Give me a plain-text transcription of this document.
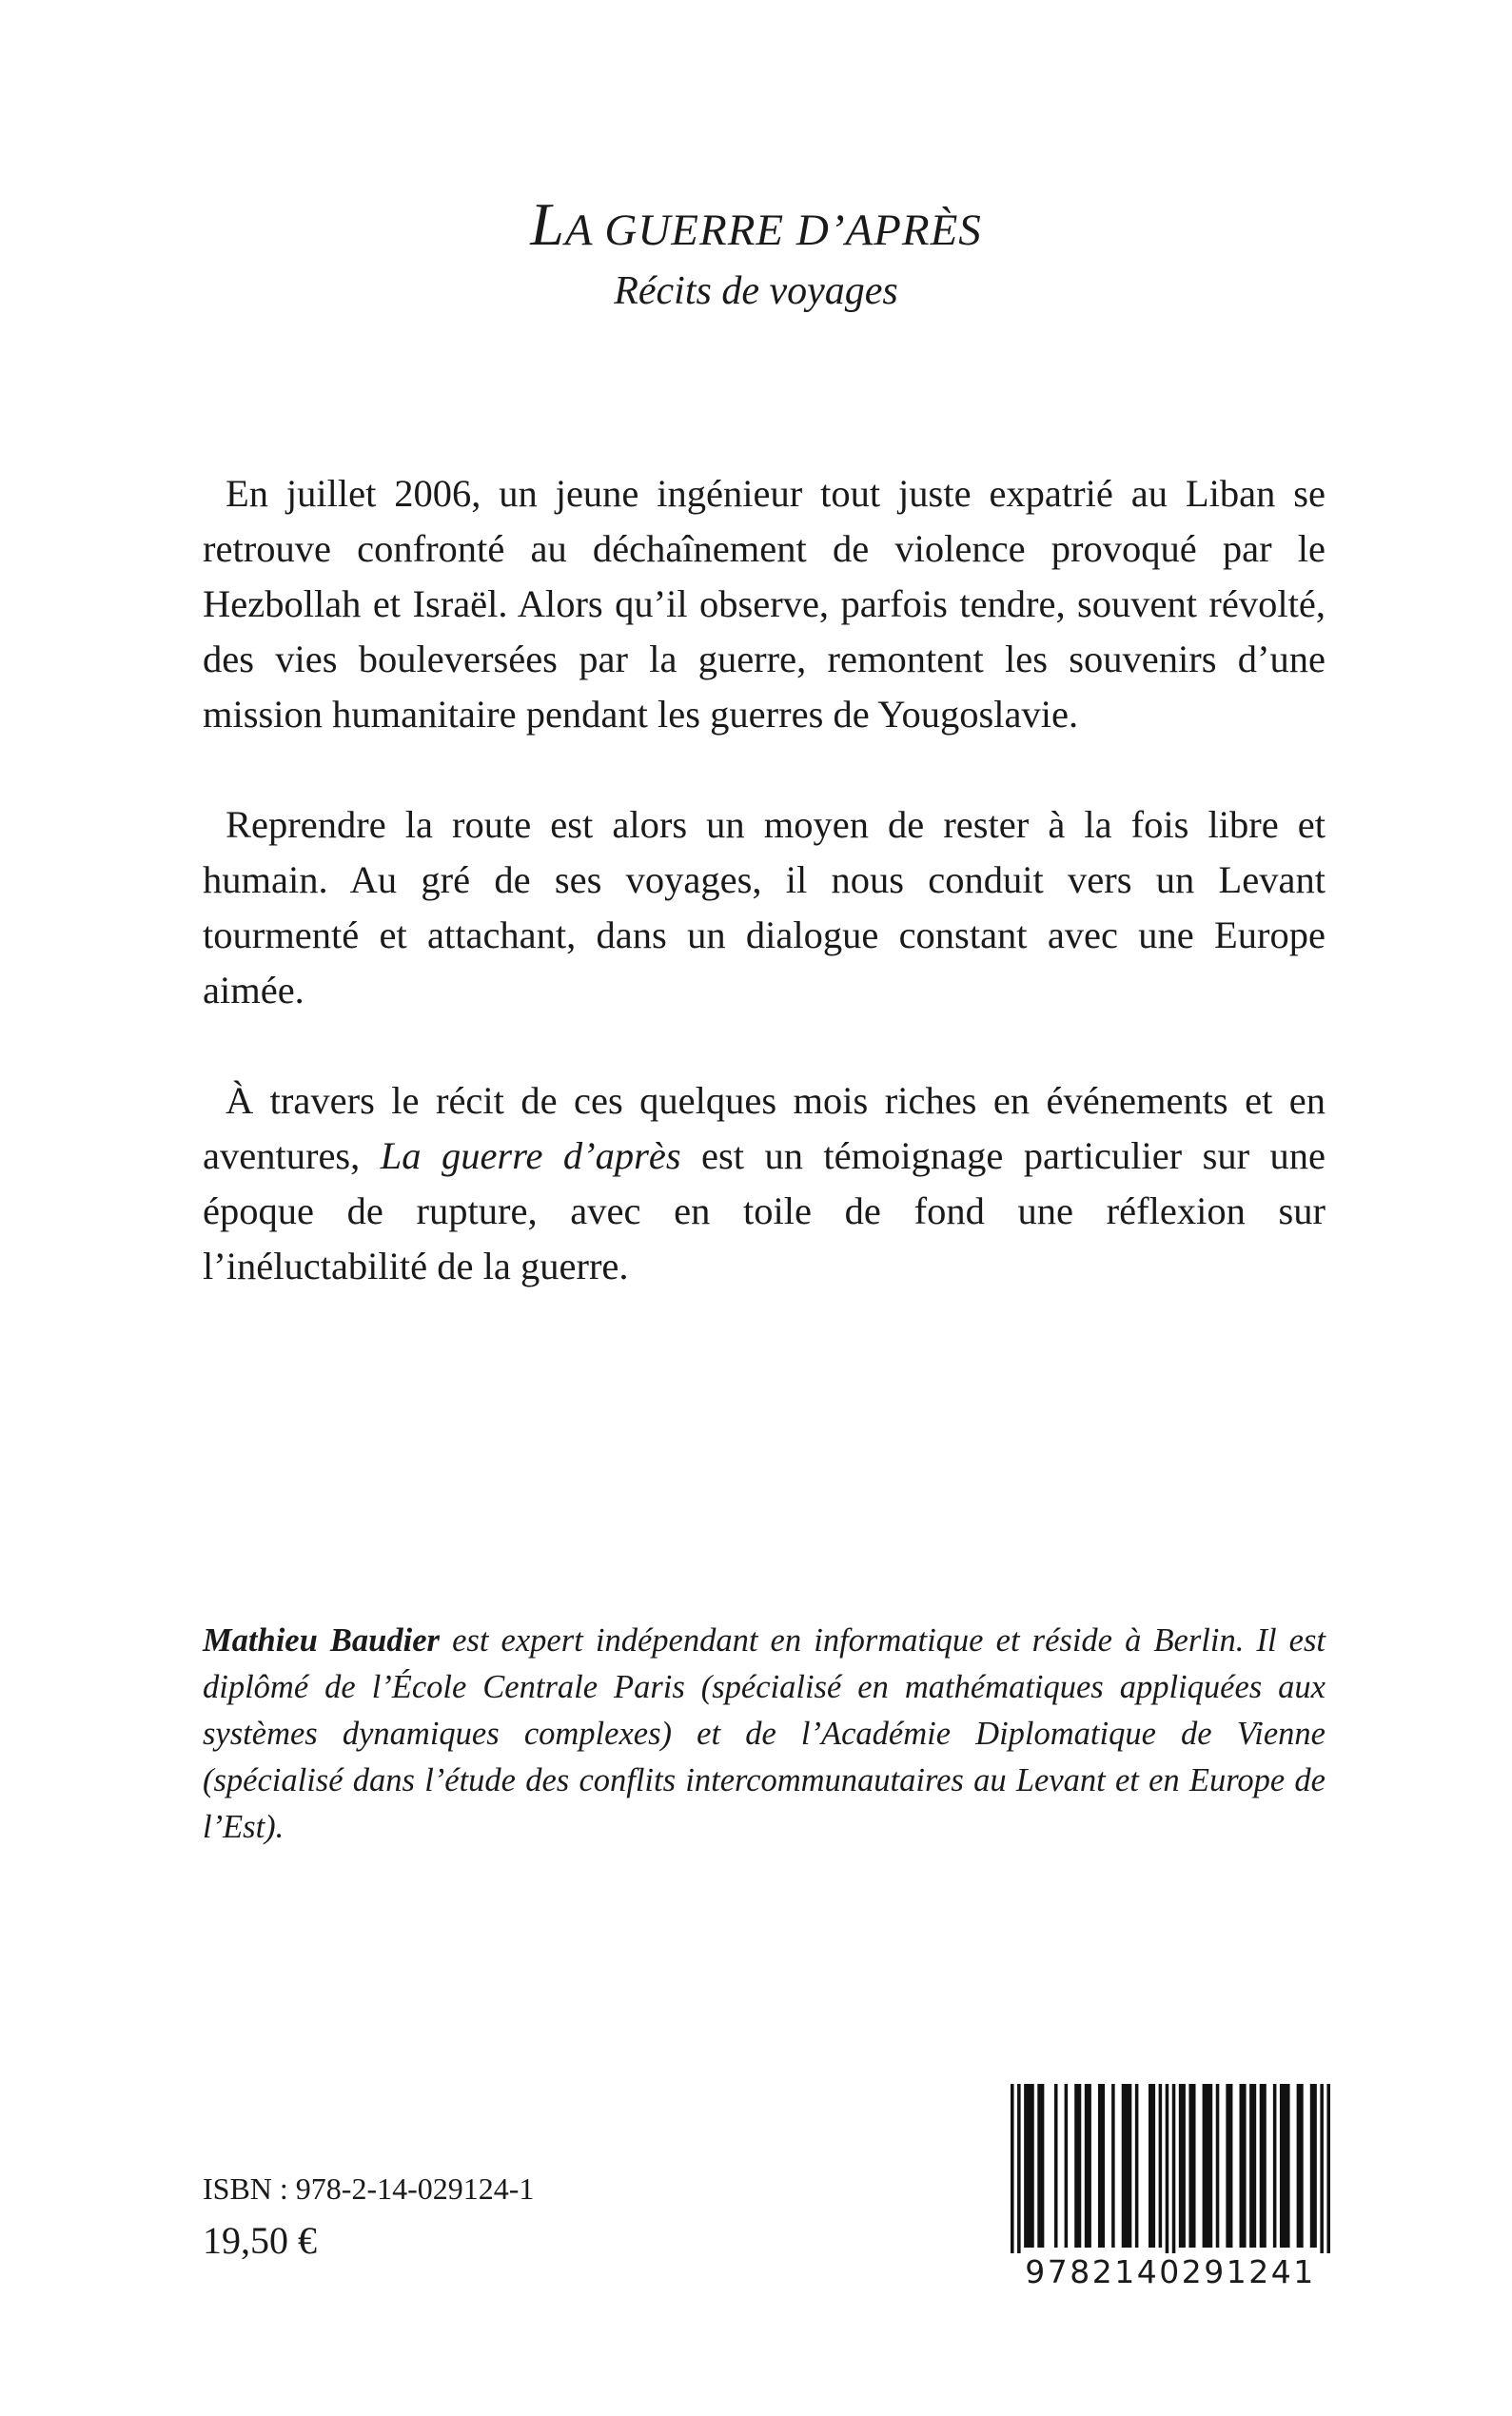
LA GUERRE D’APRÈS

Récits de voyages

En juillet 2006, un jeune ingénieur tout juste expatrié au Liban se retrouve confronté au déchaînement de violence provoqué par le Hezbollah et Israël. Alors qu’il observe, parfois tendre, souvent révolté, des vies bouleversées par la guerre, remontent les souvenirs d’une mission humanitaire pendant les guerres de Yougoslavie.

Reprendre la route est alors un moyen de rester à la fois libre et humain. Au gré de ses voyages, il nous conduit vers un Levant tourmenté et attachant, dans un dialogue constant avec une Europe aimée.

À travers le récit de ces quelques mois riches en événements et en aventures, La guerre d’après est un témoignage particulier sur une époque de rupture, avec en toile de fond une réflexion sur l’inéluctabilité de la guerre.

Mathieu Baudier est expert indépendant en informatique et réside à Berlin. Il est diplômé de l’École Centrale Paris (spécialisé en mathématiques appliquées aux systèmes dynamiques complexes) et de l’Académie Diplomatique de Vienne (spécialisé dans l’étude des conflits intercommunautaires au Levant et en Europe de l’Est).

ISBN : 978-2-14-029124-1

19,50 €

9782140291241
